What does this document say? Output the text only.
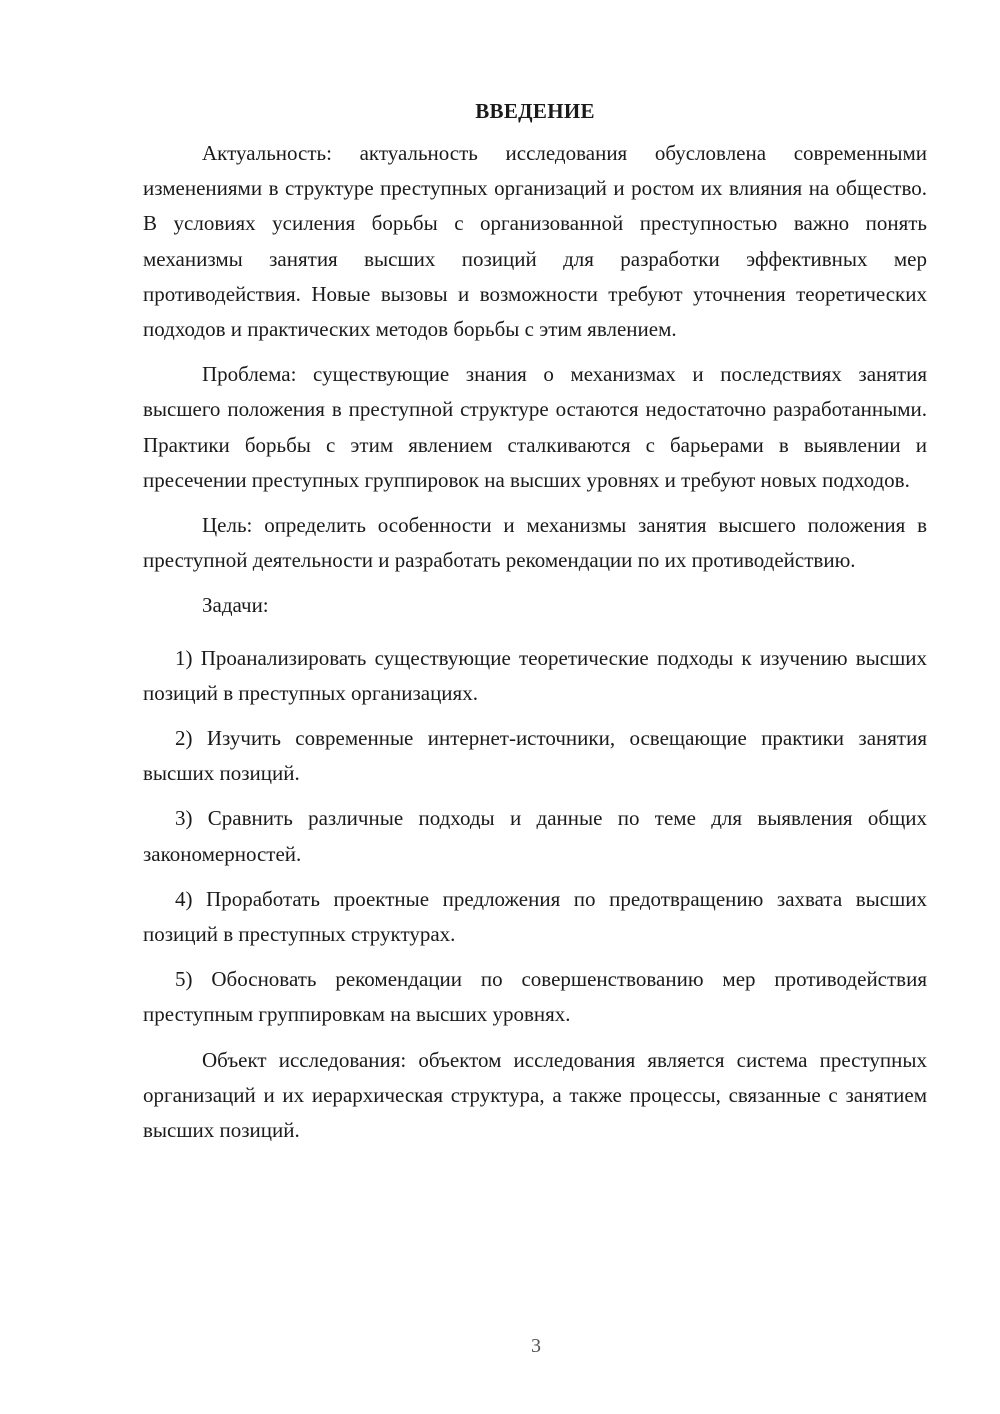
ВВЕДЕНИЕ

Актуальность: актуальность исследования обусловлена современными изменениями в структуре преступных организаций и ростом их влияния на общество. В условиях усиления борьбы с организованной преступностью важно понять механизмы занятия высших позиций для разработки эффективных мер противодействия. Новые вызовы и возможности требуют уточнения теоретических подходов и практических методов борьбы с этим явлением.

Проблема: существующие знания о механизмах и последствиях занятия высшего положения в преступной структуре остаются недостаточно разработанными. Практики борьбы с этим явлением сталкиваются с барьерами в выявлении и пресечении преступных группировок на высших уровнях и требуют новых подходов.

Цель: определить особенности и механизмы занятия высшего положения в преступной деятельности и разработать рекомендации по их противодействию.

Задачи:

1) Проанализировать существующие теоретические подходы к изучению высших позиций в преступных организациях.

2) Изучить современные интернет-источники, освещающие практики занятия высших позиций.

3) Сравнить различные подходы и данные по теме для выявления общих закономерностей.

4) Проработать проектные предложения по предотвращению захвата высших позиций в преступных структурах.

5) Обосновать рекомендации по совершенствованию мер противодействия преступным группировкам на высших уровнях.

Объект исследования: объектом исследования является система преступных организаций и их иерархическая структура, а также процессы, связанные с занятием высших позиций.

3
